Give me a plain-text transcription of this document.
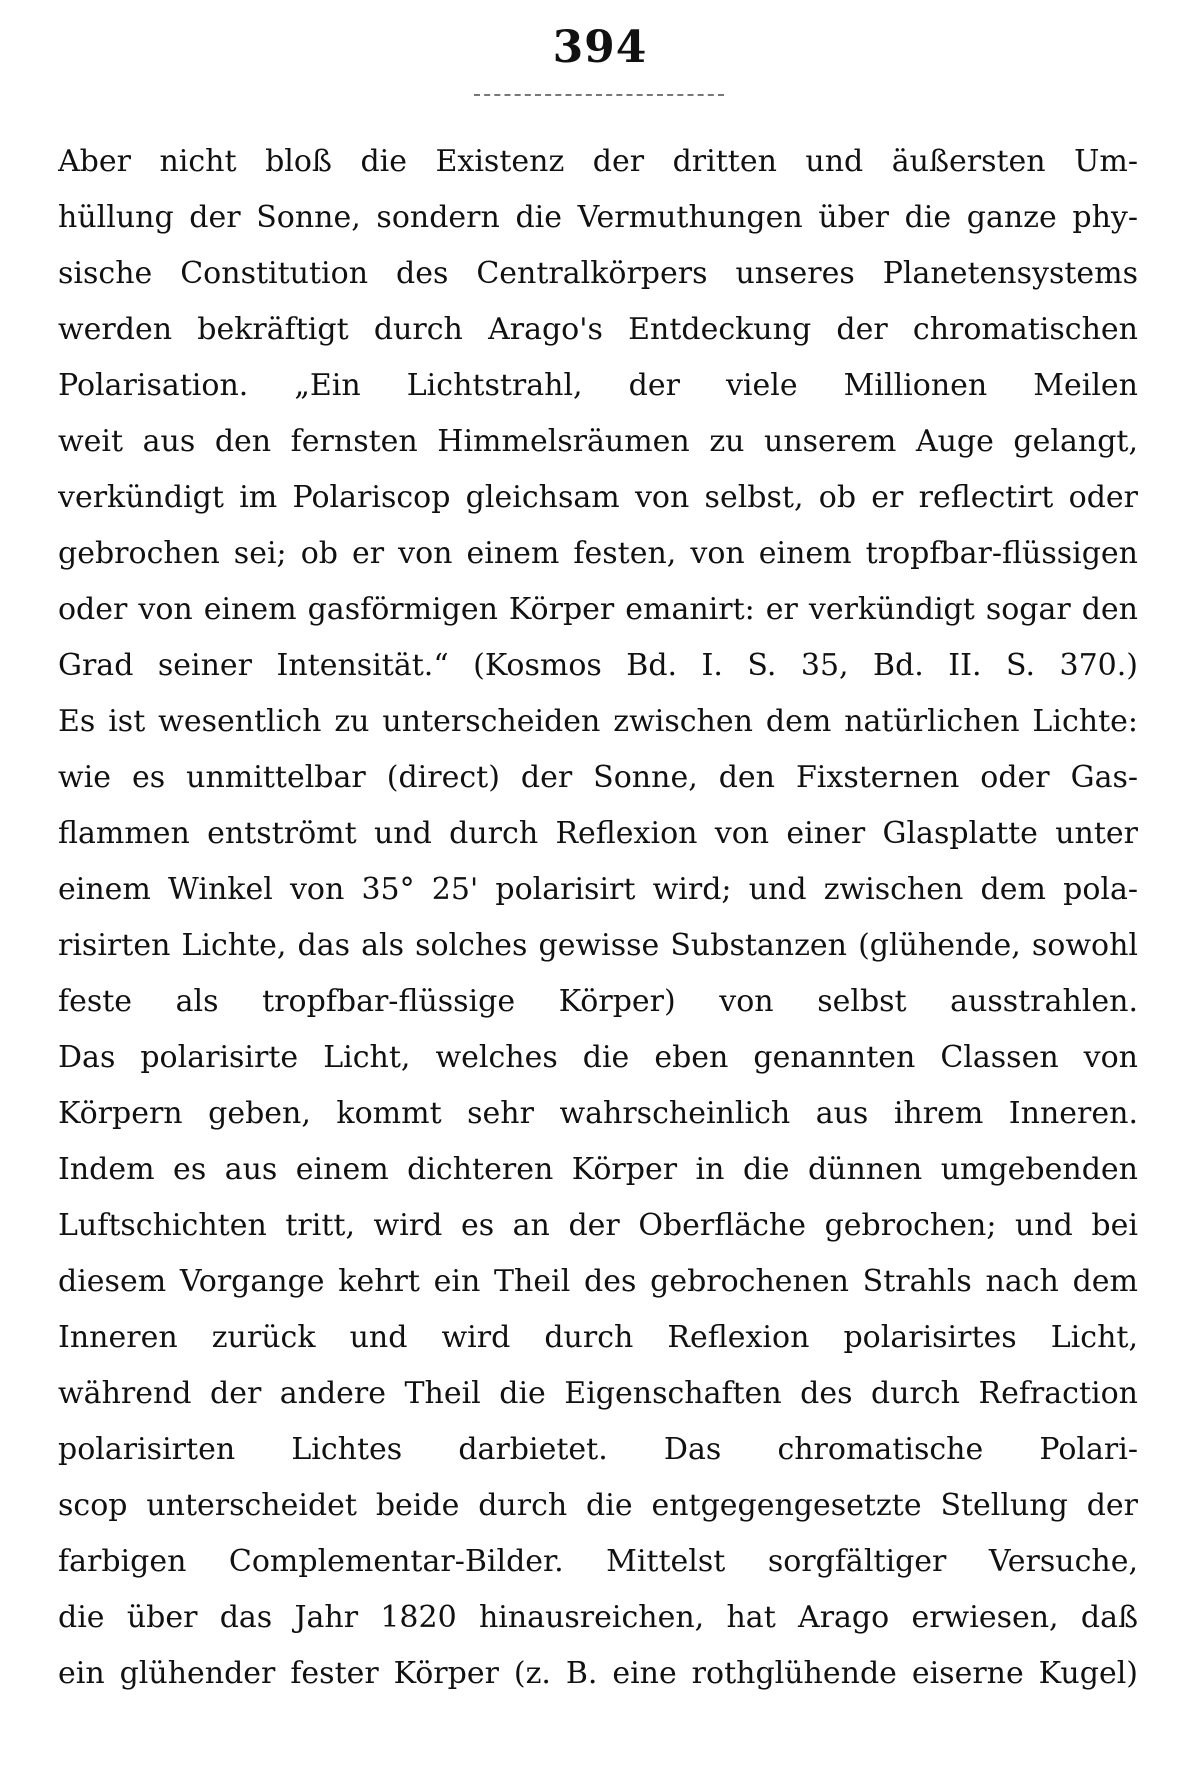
394
Aber nicht bloß die Existenz der dritten und äußersten Um-
hüllung der Sonne, sondern die Vermuthungen über die ganze phy-
sische Constitution des Centralkörpers unseres Planetensystems
werden bekräftigt durch Arago's Entdeckung der chromatischen
Polarisation. „Ein Lichtstrahl, der viele Millionen Meilen
weit aus den fernsten Himmelsräumen zu unserem Auge gelangt,
verkündigt im Polariscop gleichsam von selbst, ob er reflectirt oder
gebrochen sei; ob er von einem festen, von einem tropfbar-flüssigen
oder von einem gasförmigen Körper emanirt: er verkündigt sogar den
Grad seiner Intensität.“ (Kosmos Bd. I. S. 35, Bd. II. S. 370.)
Es ist wesentlich zu unterscheiden zwischen dem natürlichen Lichte:
wie es unmittelbar (direct) der Sonne, den Fixsternen oder Gas-
flammen entströmt und durch Reflexion von einer Glasplatte unter
einem Winkel von 35° 25' polarisirt wird; und zwischen dem pola-
risirten Lichte, das als solches gewisse Substanzen (glühende, sowohl
feste als tropfbar-flüssige Körper) von selbst ausstrahlen.
Das polarisirte Licht, welches die eben genannten Classen von
Körpern geben, kommt sehr wahrscheinlich aus ihrem Inneren.
Indem es aus einem dichteren Körper in die dünnen umgebenden
Luftschichten tritt, wird es an der Oberfläche gebrochen; und bei
diesem Vorgange kehrt ein Theil des gebrochenen Strahls nach dem
Inneren zurück und wird durch Reflexion polarisirtes Licht,
während der andere Theil die Eigenschaften des durch Refraction
polarisirten Lichtes darbietet. Das chromatische Polari-
scop unterscheidet beide durch die entgegengesetzte Stellung der
farbigen Complementar-Bilder. Mittelst sorgfältiger Versuche,
die über das Jahr 1820 hinausreichen, hat Arago erwiesen, daß
ein glühender fester Körper (z. B. eine rothglühende eiserne Kugel)
